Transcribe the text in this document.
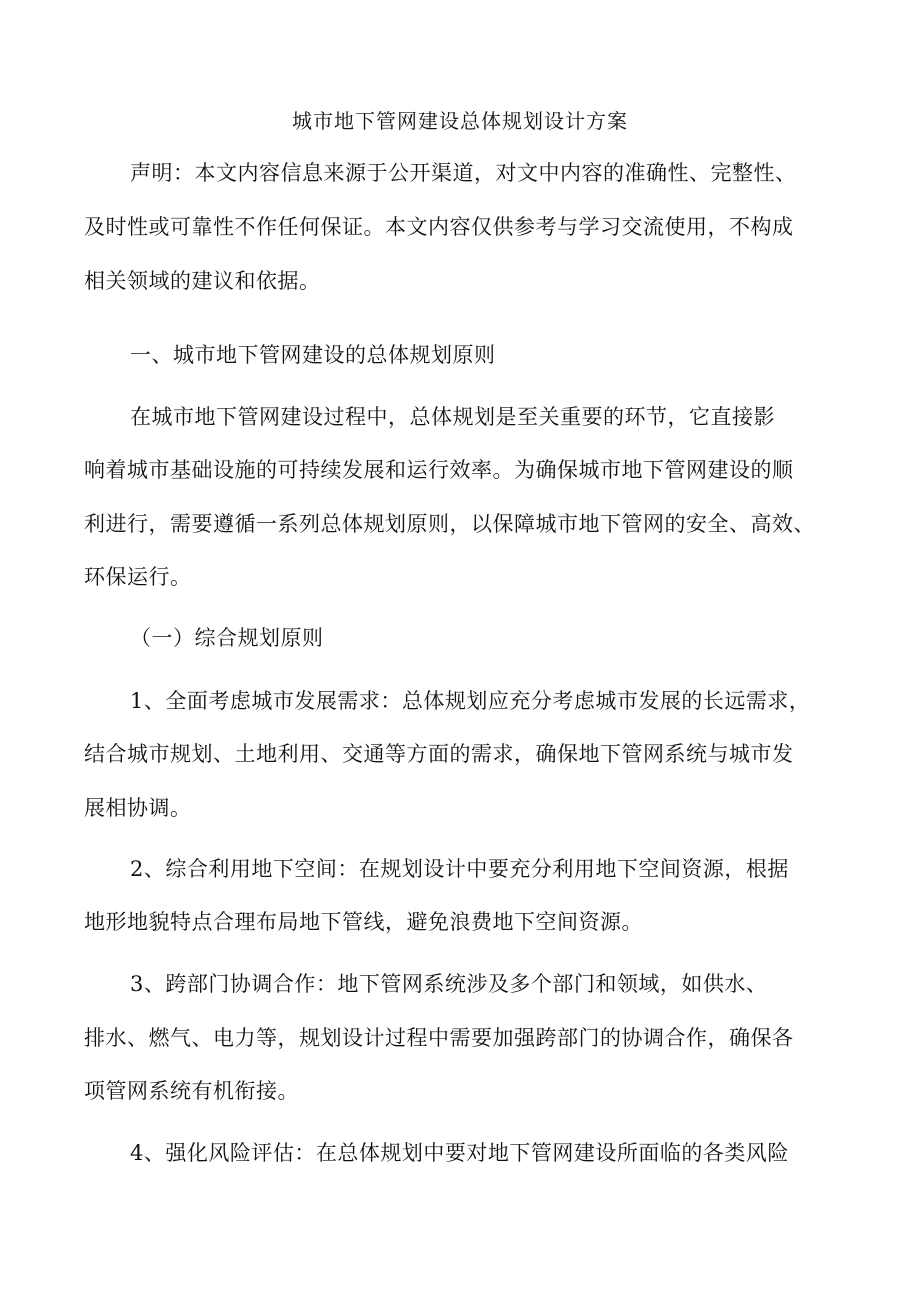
城市地下管网建设总体规划设计方案
声明：本文内容信息来源于公开渠道，对文中内容的准确性、完整性、
及时性或可靠性不作任何保证。本文内容仅供参考与学习交流使用，不构成
相关领域的建议和依据。
一、城市地下管网建设的总体规划原则
在城市地下管网建设过程中，总体规划是至关重要的环节，它直接影
响着城市基础设施的可持续发展和运行效率。为确保城市地下管网建设的顺
利进行，需要遵循一系列总体规划原则，以保障城市地下管网的安全、高效、
环保运行。
（一）综合规划原则
1、全面考虑城市发展需求：总体规划应充分考虑城市发展的长远需求，
结合城市规划、土地利用、交通等方面的需求，确保地下管网系统与城市发
展相协调。
2、综合利用地下空间：在规划设计中要充分利用地下空间资源，根据
地形地貌特点合理布局地下管线，避免浪费地下空间资源。
3、跨部门协调合作：地下管网系统涉及多个部门和领域，如供水、
排水、燃气、电力等，规划设计过程中需要加强跨部门的协调合作，确保各
项管网系统有机衔接。
4、强化风险评估：在总体规划中要对地下管网建设所面临的各类风险
